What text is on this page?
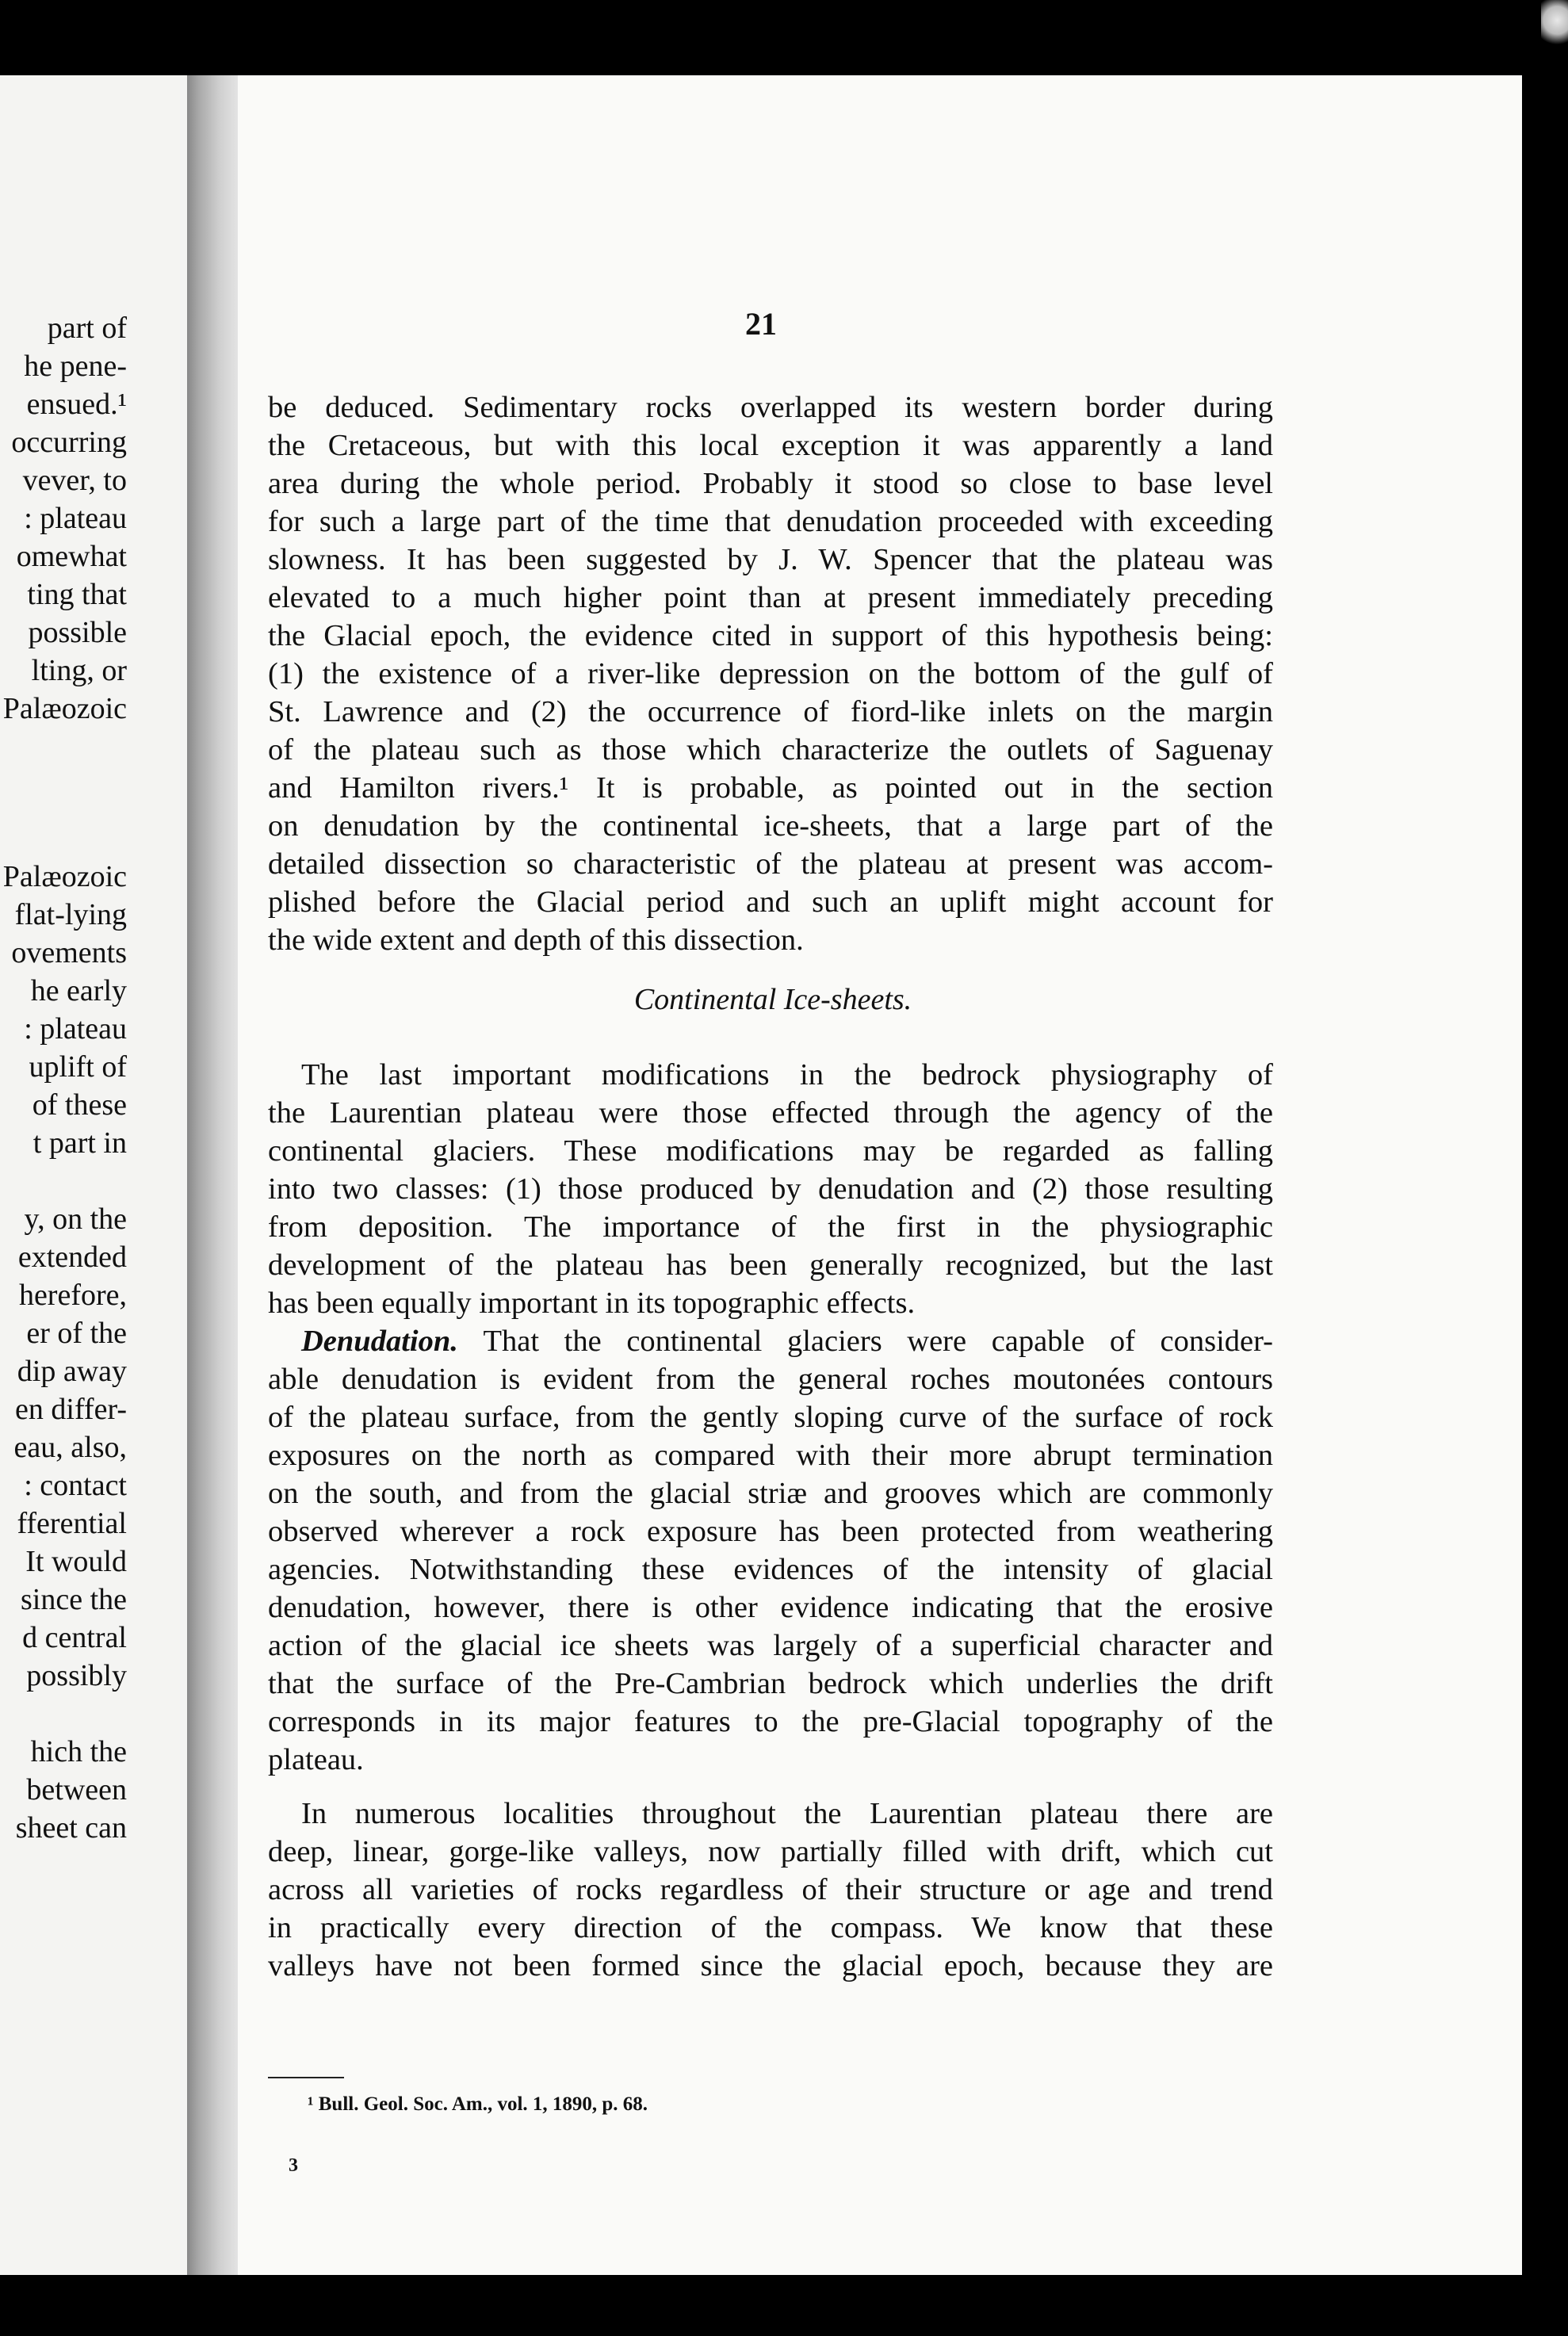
part of
he pene-
ensued.¹
occurring
vever, to
: plateau
omewhat
ting that
possible
lting, or
Palæozoic
Palæozoic
flat-lying
ovements
he early
: plateau
uplift of
of these
t part in
y, on the
extended
herefore,
er of the
dip away
en differ-
eau, also,
: contact
fferential
It would
since the
d central
possibly
hich the
between
sheet can
21
Continental Ice-sheets.
¹ Bull. Geol. Soc. Am., vol. 1, 1890, p. 68.
3
be deduced. Sedimentary rocks overlapped its western border during
the Cretaceous, but with this local exception it was apparently a land
area during the whole period. Probably it stood so close to base level
for such a large part of the time that denudation proceeded with exceeding
slowness. It has been suggested by J. W. Spencer that the plateau was
elevated to a much higher point than at present immediately preceding
the Glacial epoch, the evidence cited in support of this hypothesis being:
(1) the existence of a river-like depression on the bottom of the gulf of
St. Lawrence and (2) the occurrence of fiord-like inlets on the margin
of the plateau such as those which characterize the outlets of Saguenay
and Hamilton rivers.¹ It is probable, as pointed out in the section
on denudation by the continental ice-sheets, that a large part of the
detailed dissection so characteristic of the plateau at present was accom-
plished before the Glacial period and such an uplift might account for
the wide extent and depth of this dissection.
The last important modifications in the bedrock physiography of
the Laurentian plateau were those effected through the agency of the
continental glaciers. These modifications may be regarded as falling
into two classes: (1) those produced by denudation and (2) those resulting
from deposition. The importance of the first in the physiographic
development of the plateau has been generally recognized, but the last
has been equally important in its topographic effects.
Denudation. That the continental glaciers were capable of consider-
able denudation is evident from the general roches moutonées contours
of the plateau surface, from the gently sloping curve of the surface of rock
exposures on the north as compared with their more abrupt termination
on the south, and from the glacial striæ and grooves which are commonly
observed wherever a rock exposure has been protected from weathering
agencies. Notwithstanding these evidences of the intensity of glacial
denudation, however, there is other evidence indicating that the erosive
action of the glacial ice sheets was largely of a superficial character and
that the surface of the Pre-Cambrian bedrock which underlies the drift
corresponds in its major features to the pre-Glacial topography of the
plateau.
In numerous localities throughout the Laurentian plateau there are
deep, linear, gorge-like valleys, now partially filled with drift, which cut
across all varieties of rocks regardless of their structure or age and trend
in practically every direction of the compass. We know that these
valleys have not been formed since the glacial epoch, because they are
